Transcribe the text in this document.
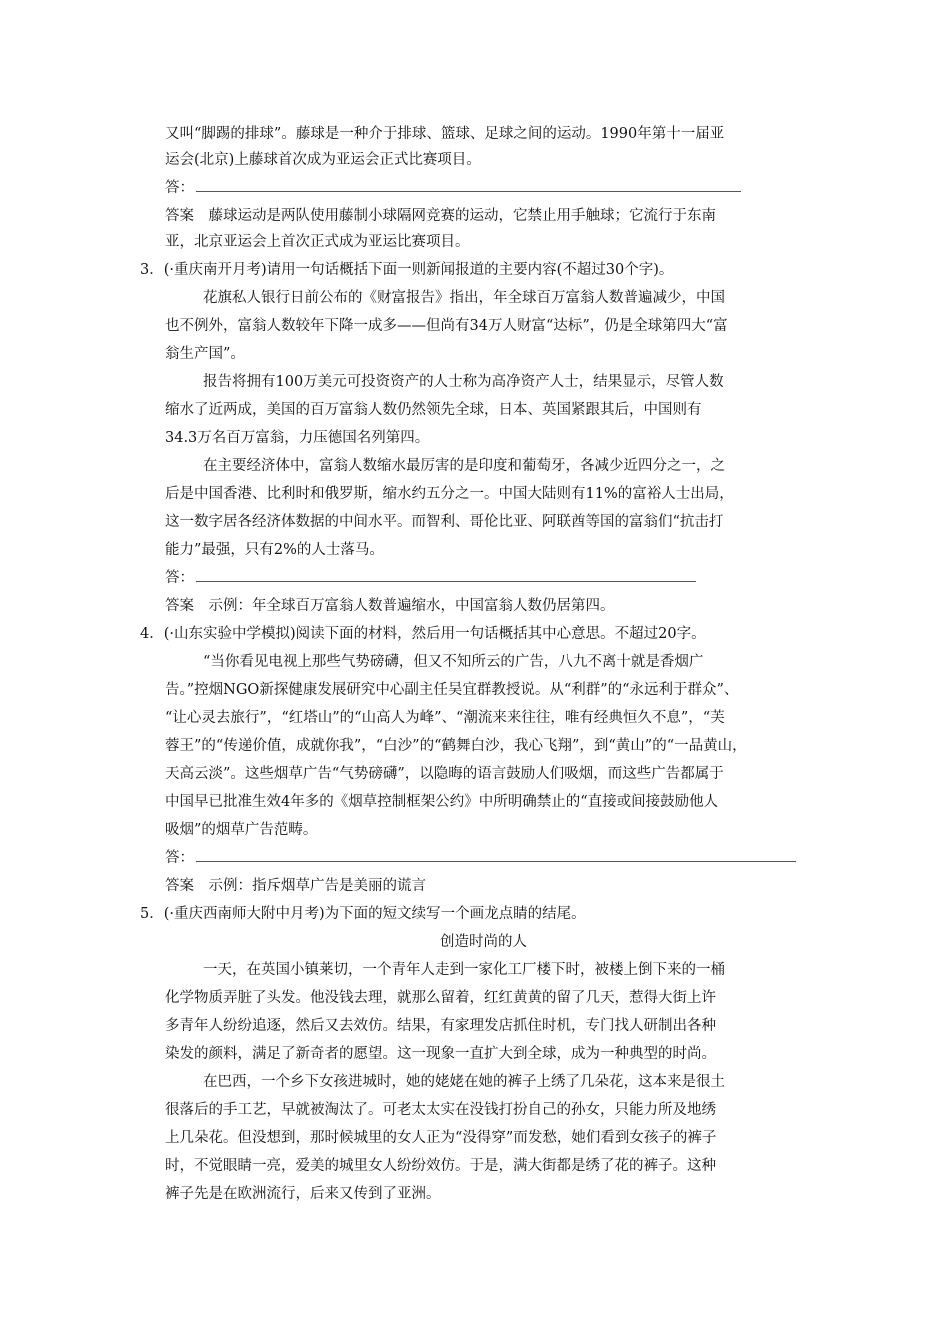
又叫“脚踢的排球”。藤球是一种介于排球、篮球、足球之间的运动。1990年第十一届亚
运会(北京)上藤球首次成为亚运会正式比赛项目。
答：
答案　藤球运动是两队使用藤制小球隔网竞赛的运动，它禁止用手触球；它流行于东南
亚，北京亚运会上首次正式成为亚运比赛项目。
3．(·重庆南开月考)请用一句话概括下面一则新闻报道的主要内容(不超过30个字)。
花旗私人银行日前公布的《财富报告》指出，年全球百万富翁人数普遍减少，中国
也不例外，富翁人数较年下降一成多——但尚有34万人财富“达标”，仍是全球第四大“富
翁生产国”。
报告将拥有100万美元可投资资产的人士称为高净资产人士，结果显示，尽管人数
缩水了近两成，美国的百万富翁人数仍然领先全球，日本、英国紧跟其后，中国则有
34.3万名百万富翁，力压德国名列第四。
在主要经济体中，富翁人数缩水最厉害的是印度和葡萄牙，各减少近四分之一，之
后是中国香港、比利时和俄罗斯，缩水约五分之一。中国大陆则有11%的富裕人士出局，
这一数字居各经济体数据的中间水平。而智利、哥伦比亚、阿联酋等国的富翁们“抗击打
能力”最强，只有2%的人士落马。
答：
答案　示例：年全球百万富翁人数普遍缩水，中国富翁人数仍居第四。
4．(·山东实验中学模拟)阅读下面的材料，然后用一句话概括其中心意思。不超过20字。
“当你看见电视上那些气势磅礴，但又不知所云的广告，八九不离十就是香烟广
告。”控烟NGO新探健康发展研究中心副主任吴宜群教授说。从“利群”的“永远利于群众”、
“让心灵去旅行”，“红塔山”的“山高人为峰”、“潮流来来往往，唯有经典恒久不息”，“芙
蓉王”的“传递价值，成就你我”，“白沙”的“鹤舞白沙，我心飞翔”，到“黄山”的“一品黄山，
天高云淡”。这些烟草广告“气势磅礴”，以隐晦的语言鼓励人们吸烟，而这些广告都属于
中国早已批准生效4年多的《烟草控制框架公约》中所明确禁止的“直接或间接鼓励他人
吸烟”的烟草广告范畴。
答：
答案　示例：指斥烟草广告是美丽的谎言
5．(·重庆西南师大附中月考)为下面的短文续写一个画龙点睛的结尾。
创造时尚的人
一天，在英国小镇莱切，一个青年人走到一家化工厂楼下时，被楼上倒下来的一桶
化学物质弄脏了头发。他没钱去理，就那么留着，红红黄黄的留了几天，惹得大街上许
多青年人纷纷追逐，然后又去效仿。结果，有家理发店抓住时机，专门找人研制出各种
染发的颜料，满足了新奇者的愿望。这一现象一直扩大到全球，成为一种典型的时尚。
在巴西，一个乡下女孩进城时，她的姥姥在她的裤子上绣了几朵花，这本来是很土
很落后的手工艺，早就被淘汰了。可老太太实在没钱打扮自己的孙女，只能力所及地绣
上几朵花。但没想到，那时候城里的女人正为“没得穿”而发愁，她们看到女孩子的裤子
时，不觉眼睛一亮，爱美的城里女人纷纷效仿。于是，满大街都是绣了花的裤子。这种
裤子先是在欧洲流行，后来又传到了亚洲。
